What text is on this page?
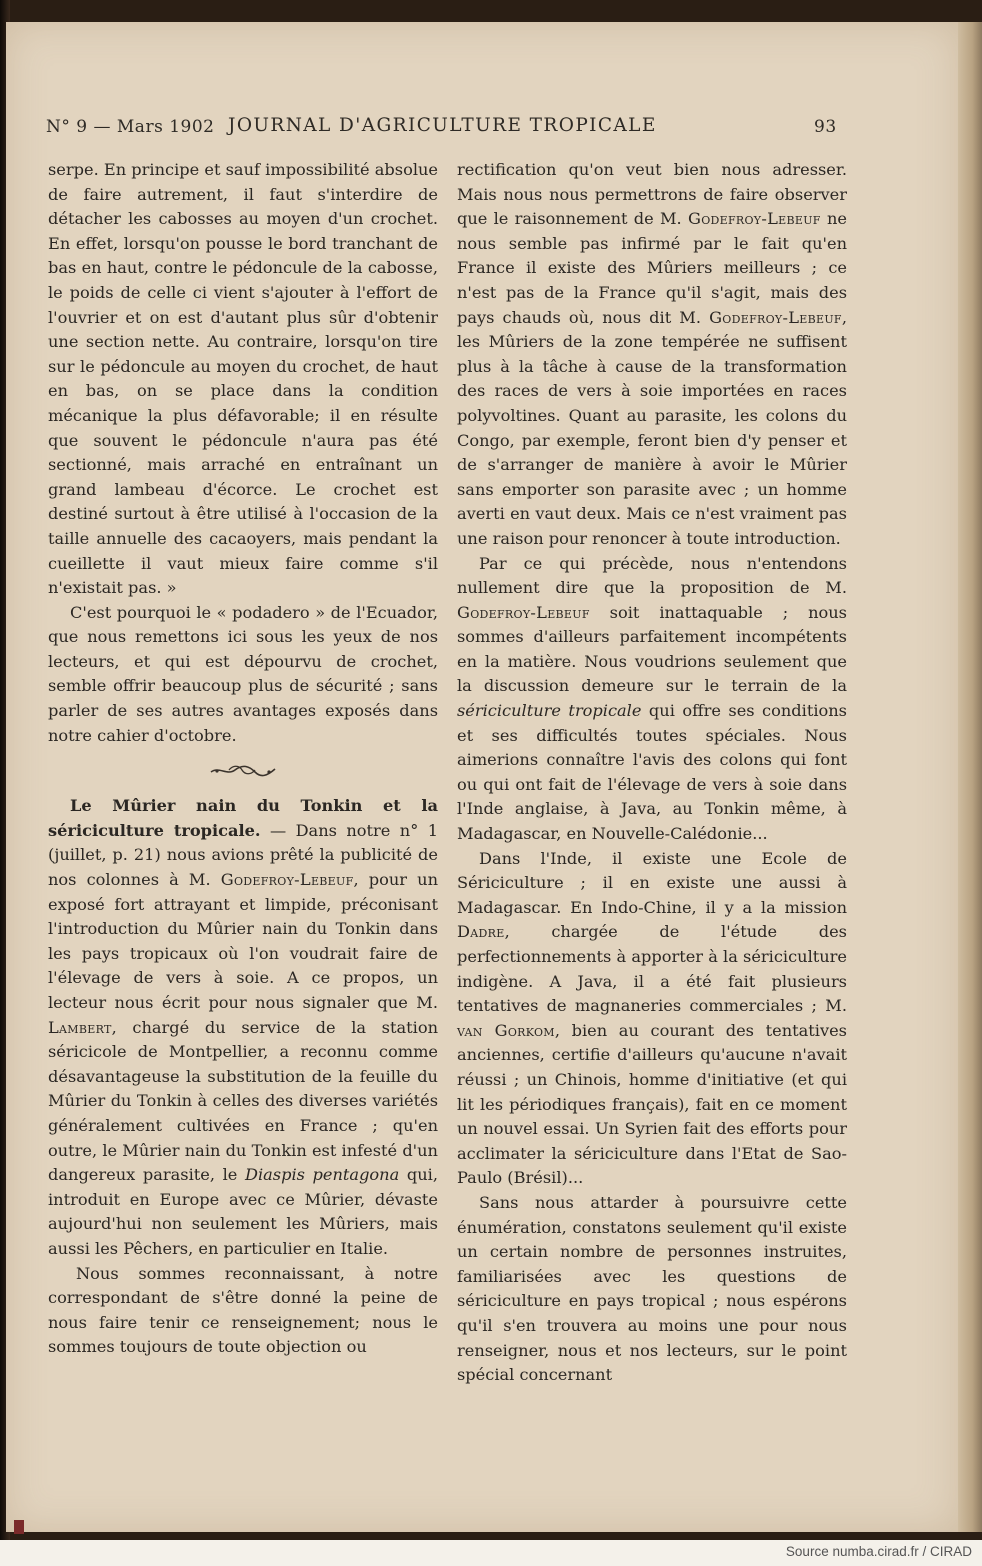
N° 9 — Mars 1902 JOURNAL D'AGRICULTURE TROPICALE	93

serpe. En principe et sauf impossibilité absolue de faire autrement, il faut s'interdire de détacher les cabosses au moyen d'un crochet. En effet, lorsqu'on pousse le bord tranchant de bas en haut, contre le pédoncule de la cabosse, le poids de celle ci vient s'ajouter à l'effort de l'ouvrier et on est d'autant plus sûr d'obtenir une section nette. Au contraire, lorsqu'on tire sur le pédoncule au moyen du crochet, de haut en bas, on se place dans la condition mécanique la plus défavorable; il en résulte que souvent le pédoncule n'aura pas été sectionné, mais arraché en entraînant un grand lambeau d'écorce. Le crochet est destiné surtout à être utilisé à l'occasion de la taille annuelle des cacaoyers, mais pendant la cueillette il vaut mieux faire comme s'il n'existait pas. »

C'est pourquoi le « podadero » de l'Ecuador, que nous remettons ici sous les yeux de nos lecteurs, et qui est dépourvu de crochet, semble offrir beaucoup plus de sécurité ; sans parler de ses autres avantages exposés dans notre cahier d'octobre.

Le Mûrier nain du Tonkin et la sériciculture tropicale. — Dans notre n° 1 (juillet, p. 21) nous avions prêté la publicité de nos colonnes à M. Godefroy-Lebeuf, pour un exposé fort attrayant et limpide, préconisant l'introduction du Mûrier nain du Tonkin dans les pays tropicaux où l'on voudrait faire de l'élevage de vers à soie. A ce propos, un lecteur nous écrit pour nous signaler que M. Lambert, chargé du service de la station séricicole de Montpellier, a reconnu comme désavantageuse la substitution de la feuille du Mûrier du Tonkin à celles des diverses variétés généralement cultivées en France ; qu'en outre, le Mûrier nain du Tonkin est infesté d'un dangereux parasite, le Diaspis pentagona qui, introduit en Europe avec ce Mûrier, dévaste aujourd'hui non seulement les Mûriers, mais aussi les Pêchers, en particulier en Italie.

Nous sommes reconnaissant, à notre correspondant de s'être donné la peine de nous faire tenir ce renseignement; nous le sommes toujours de toute objection ou

rectification qu'on veut bien nous adresser. Mais nous nous permettrons de faire observer que le raisonnement de M. Godefroy-Lebeuf ne nous semble pas infirmé par le fait qu'en France il existe des Mûriers meilleurs ; ce n'est pas de la France qu'il s'agit, mais des pays chauds où, nous dit M. Godefroy-Lebeuf, les Mûriers de la zone tempérée ne suffisent plus à la tâche à cause de la transformation des races de vers à soie importées en races polyvoltines. Quant au parasite, les colons du Congo, par exemple, feront bien d'y penser et de s'arranger de manière à avoir le Mûrier sans emporter son parasite avec ; un homme averti en vaut deux. Mais ce n'est vraiment pas une raison pour renoncer à toute introduction.

Par ce qui précède, nous n'entendons nullement dire que la proposition de M. Godefroy-Lebeuf soit inattaquable ; nous sommes d'ailleurs parfaitement incompétents en la matière. Nous voudrions seulement que la discussion demeure sur le terrain de la sériciculture tropicale qui offre ses conditions et ses difficultés toutes spéciales. Nous aimerions connaître l'avis des colons qui font ou qui ont fait de l'élevage de vers à soie dans l'Inde anglaise, à Java, au Tonkin même, à Madagascar, en Nouvelle-Calédonie...

Dans l'Inde, il existe une Ecole de Sériciculture ; il en existe une aussi à Madagascar. En Indo-Chine, il y a la mission Dadre, chargée de l'étude des perfectionnements à apporter à la sériciculture indigène. A Java, il a été fait plusieurs tentatives de magnaneries commerciales ; M. van Gorkom, bien au courant des tentatives anciennes, certifie d'ailleurs qu'aucune n'avait réussi ; un Chinois, homme d'initiative (et qui lit les périodiques français), fait en ce moment un nouvel essai. Un Syrien fait des efforts pour acclimater la sériciculture dans l'Etat de Sao-Paulo (Brésil)...

Sans nous attarder à poursuivre cette énumération, constatons seulement qu'il existe un certain nombre de personnes instruites, familiarisées avec les questions de sériciculture en pays tropical ; nous espérons qu'il s'en trouvera au moins une pour nous renseigner, nous et nos lecteurs, sur le point spécial concernant

Source numba.cirad.fr / CIRAD
